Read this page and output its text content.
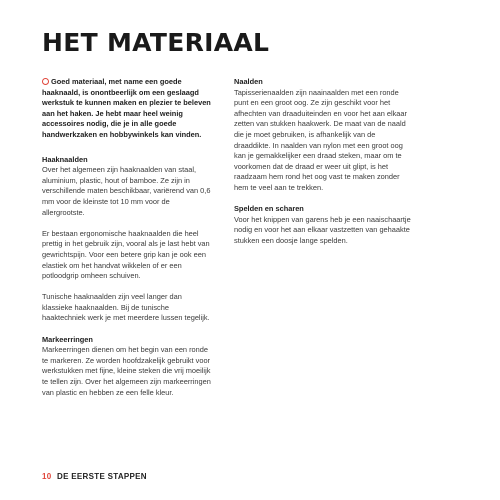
HET MATERIAAL

Goed materiaal, met name een goede haaknaald, is onontbeerlijk om een geslaagd werkstuk te kunnen maken en plezier te beleven aan het haken. Je hebt maar heel weinig accessoires nodig, die je in alle goede handwerkzaken en hobbywinkels kan vinden.

Haaknaalden

Over het algemeen zijn haaknaalden van staal, aluminium, plastic, hout of bamboe. Ze zijn in verschillende maten beschikbaar, variërend van 0,6 mm voor de kleinste tot 10 mm voor de allergrootste.

Er bestaan ergonomische haaknaalden die heel prettig in het gebruik zijn, vooral als je last hebt van gewrichtspijn. Voor een betere grip kan je ook een elastiek om het handvat wikkelen of er een potloodgrip omheen schuiven.

Tunische haaknaalden zijn veel langer dan klassieke haaknaalden. Bij de tunische haaktechniek werk je met meerdere lussen tegelijk.

Markeerringen

Markeerringen dienen om het begin van een ronde te markeren. Ze worden hoofdzakelijk gebruikt voor werkstukken met fijne, kleine steken die vrij moeilijk te tellen zijn. Over het algemeen zijn markeerringen van plastic en hebben ze een felle kleur.

Naalden

Tapisserienaalden zijn naainaalden met een ronde punt en een groot oog. Ze zijn geschikt voor het afhechten van draaduiteinden en voor het aan elkaar zetten van stukken haakwerk. De maat van de naald die je moet gebruiken, is afhankelijk van de draaddikte. In naalden van nylon met een groot oog kan je gemakkelijker een draad steken, maar om te voorkomen dat de draad er weer uit glipt, is het raadzaam hem rond het oog vast te maken zonder hem te veel aan te trekken.

Spelden en scharen

Voor het knippen van garens heb je een naaischaartje nodig en voor het aan elkaar vastzetten van gehaakte stukken een doosje lange spelden.

10 DE EERSTE STAPPEN
